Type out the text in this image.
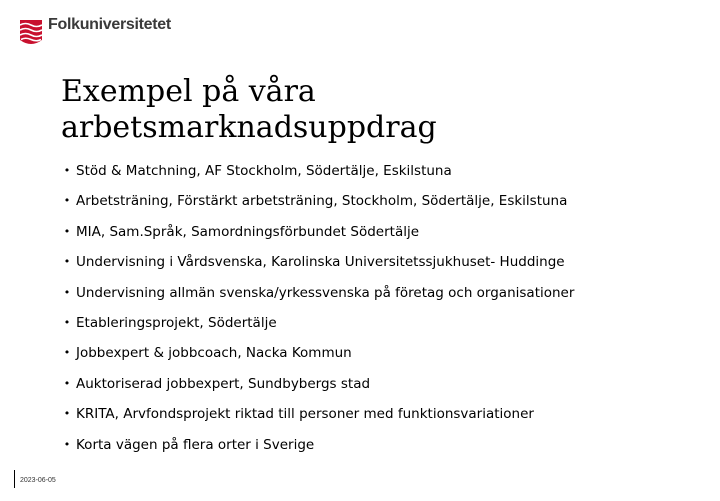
Folkuniversitetet
Exempel på våra
arbetsmarknadsuppdrag
• Stöd & Matchning, AF Stockholm, Södertälje, Eskilstuna
• Arbetsträning, Förstärkt arbetsträning, Stockholm, Södertälje, Eskilstuna
• MIA, Sam.Språk, Samordningsförbundet Södertälje
• Undervisning i Vårdsvenska, Karolinska Universitetssjukhuset- Huddinge
• Undervisning allmän svenska/yrkessvenska på företag och organisationer
• Etableringsprojekt, Södertälje
• Jobbexpert & jobbcoach, Nacka Kommun
• Auktoriserad jobbexpert, Sundbybergs stad
• KRITA, Arvfondsprojekt riktad till personer med funktionsvariationer
• Korta vägen på flera orter i Sverige
2023-06-05
